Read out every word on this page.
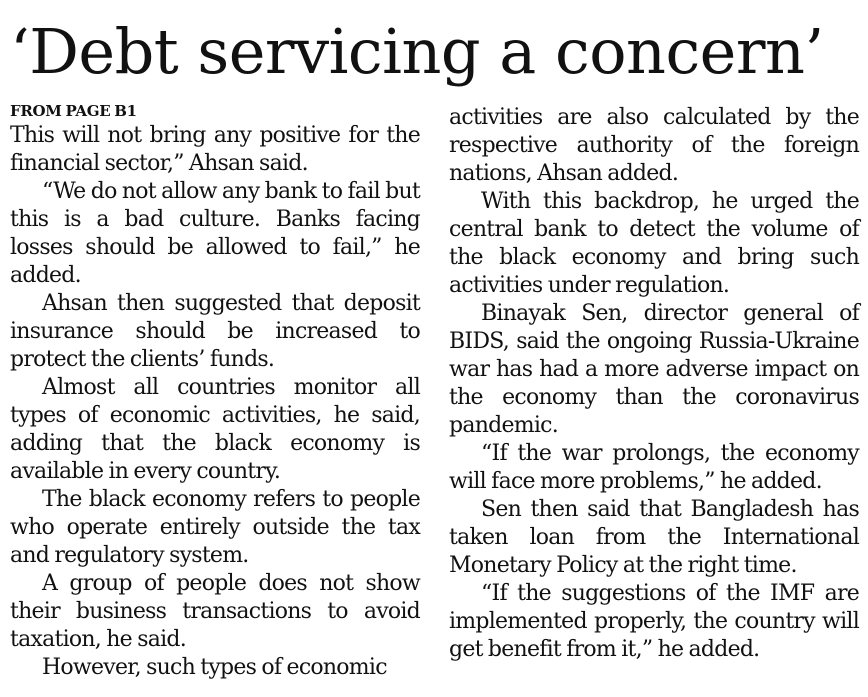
‘Debt servicing a concern’
FROM PAGE B1

This will not bring any positive for the financial sector,” Ahsan said.

“We do not allow any bank to fail but this is a bad culture. Banks facing losses should be allowed to fail,” he added.

Ahsan then suggested that deposit insurance should be increased to protect the clients’ funds.

Almost all countries monitor all types of economic activities, he said, adding that the black economy is available in every country.

The black economy refers to people who operate entirely outside the tax and regulatory system.

A group of people does not show their business transactions to avoid taxation, he said.

However, such types of economic

activities are also calculated by the respective authority of the foreign nations, Ahsan added.

With this backdrop, he urged the central bank to detect the volume of the black economy and bring such activities under regulation.

Binayak Sen, director general of BIDS, said the ongoing Russia-Ukraine war has had a more adverse impact on the economy than the coronavirus pandemic.

“If the war prolongs, the economy will face more problems,” he added.

Sen then said that Bangladesh has taken loan from the International Monetary Policy at the right time.

“If the suggestions of the IMF are implemented properly, the country will get benefit from it,” he added.
